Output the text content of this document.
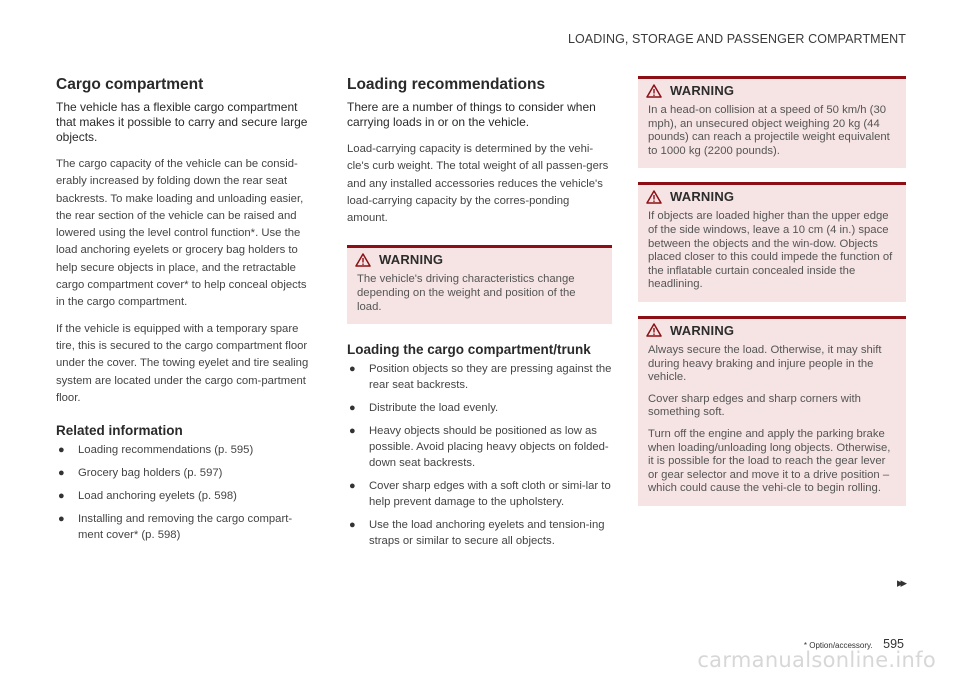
LOADING, STORAGE AND PASSENGER COMPARTMENT
Cargo compartment

The vehicle has a flexible cargo compartment that makes it possible to carry and secure large objects.

The cargo capacity of the vehicle can be consid-erably increased by folding down the rear seat backrests. To make loading and unloading easier, the rear section of the vehicle can be raised and lowered using the level control function*. Use the load anchoring eyelets or grocery bag holders to help secure objects in place, and the retractable cargo compartment cover* to help conceal objects in the cargo compartment.

If the vehicle is equipped with a temporary spare tire, this is secured to the cargo compartment floor under the cover. The towing eyelet and tire sealing system are located under the cargo com-partment floor.

Related information
● Loading recommendations (p. 595)
● Grocery bag holders (p. 597)
● Load anchoring eyelets (p. 598)
● Installing and removing the cargo compart-ment cover* (p. 598)
Loading recommendations

There are a number of things to consider when carrying loads in or on the vehicle.

Load-carrying capacity is determined by the vehi-cle's curb weight. The total weight of all passen-gers and any installed accessories reduces the vehicle's load-carrying capacity by the corres-ponding amount.

WARNING

The vehicle's driving characteristics change depending on the weight and position of the load.

Loading the cargo compartment/trunk
● Position objects so they are pressing against the rear seat backrests.
● Distribute the load evenly.
● Heavy objects should be positioned as low as possible. Avoid placing heavy objects on folded-down seat backrests.
● Cover sharp edges with a soft cloth or simi-lar to help prevent damage to the upholstery.
● Use the load anchoring eyelets and tension-ing straps or similar to secure all objects.
WARNING

In a head-on collision at a speed of 50 km/h (30 mph), an unsecured object weighing 20 kg (44 pounds) can reach a projectile weight equivalent to 1000 kg (2200 pounds).

WARNING

If objects are loaded higher than the upper edge of the side windows, leave a 10 cm (4 in.) space between the objects and the win-dow. Objects placed closer to this could impede the function of the inflatable curtain concealed inside the headlining.

WARNING

Always secure the load. Otherwise, it may shift during heavy braking and injure people in the vehicle.

Cover sharp edges and sharp corners with something soft.

Turn off the engine and apply the parking brake when loading/unloading long objects. Otherwise, it is possible for the load to reach the gear lever or gear selector and move it to a drive position – which could cause the vehi-cle to begin rolling.

▸▸
* Option/accessory. 595
carmanualsonline.info
